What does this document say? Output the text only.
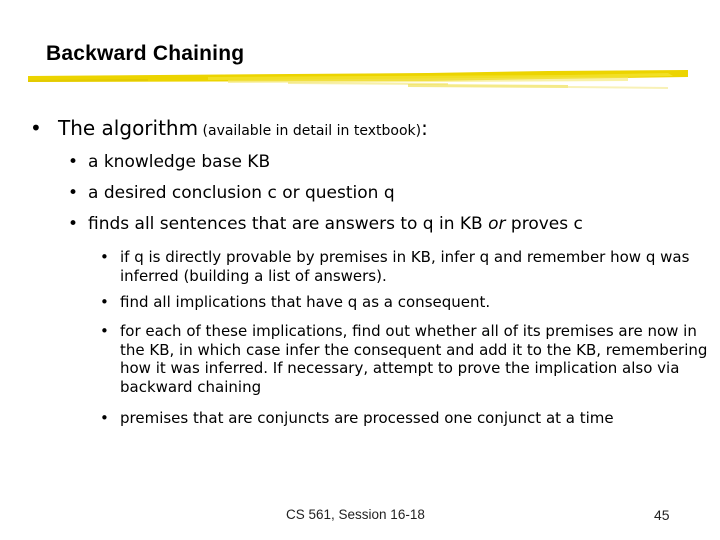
Backward Chaining
• The algorithm (available in detail in textbook):
• a knowledge base KB
• a desired conclusion c or question q
• finds all sentences that are answers to q in KB or proves c
• if q is directly provable by premises in KB, infer q and remember how q was inferred (building a list of answers).
• find all implications that have q as a consequent.
• for each of these implications, find out whether all of its premises are now in the KB, in which case infer the consequent and add it to the KB, remembering how it was inferred. If necessary, attempt to prove the implication also via backward chaining
• premises that are conjuncts are processed one conjunct at a time
CS 561, Session 16-18	45
